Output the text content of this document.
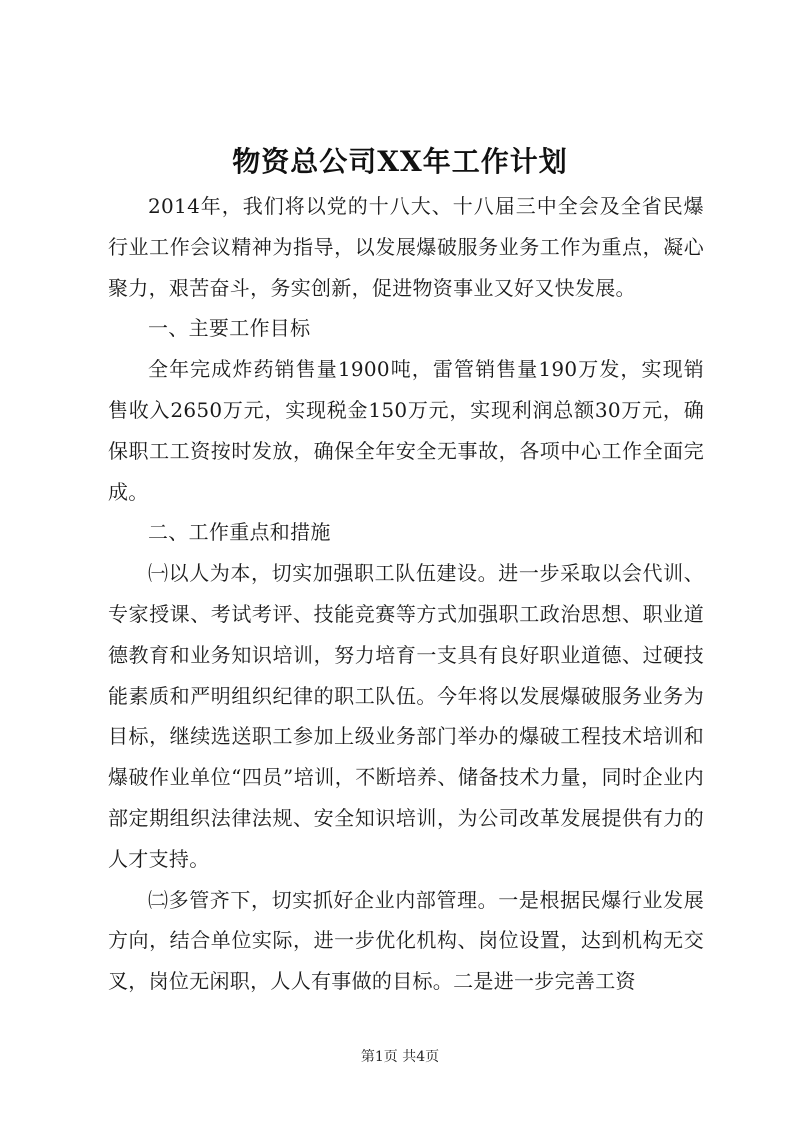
物资总公司XX年工作计划

2014年，我们将以党的十八大、十八届三中全会及全省民爆行业工作会议精神为指导，以发展爆破服务业务工作为重点，凝心聚力，艰苦奋斗，务实创新，促进物资事业又好又快发展。

一、主要工作目标

全年完成炸药销售量1900吨，雷管销售量190万发，实现销售收入2650万元，实现税金150万元，实现利润总额30万元，确保职工工资按时发放，确保全年安全无事故，各项中心工作全面完成。

二、工作重点和措施

㈠以人为本，切实加强职工队伍建设。进一步采取以会代训、专家授课、考试考评、技能竞赛等方式加强职工政治思想、职业道德教育和业务知识培训，努力培育一支具有良好职业道德、过硬技能素质和严明组织纪律的职工队伍。今年将以发展爆破服务业务为目标，继续选送职工参加上级业务部门举办的爆破工程技术培训和爆破作业单位“四员”培训，不断培养、储备技术力量，同时企业内部定期组织法律法规、安全知识培训，为公司改革发展提供有力的人才支持。

㈡多管齐下，切实抓好企业内部管理。一是根据民爆行业发展方向，结合单位实际，进一步优化机构、岗位设置，达到机构无交叉，岗位无闲职，人人有事做的目标。二是进一步完善工资

第1页 共4页
